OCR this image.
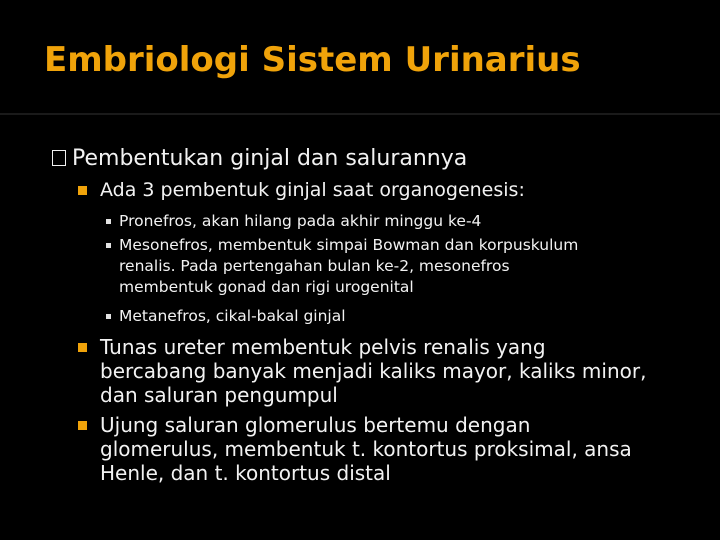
Embriologi Sistem Urinarius
Pembentukan ginjal dan salurannya
Ada 3 pembentuk ginjal saat organogenesis:
Pronefros, akan hilang pada akhir minggu ke-4
Mesonefros, membentuk simpai Bowman dan korpuskulum
renalis. Pada pertengahan bulan ke-2, mesonefros
membentuk gonad dan rigi urogenital
Metanefros, cikal-bakal ginjal
Tunas ureter membentuk pelvis renalis yang
bercabang banyak menjadi kaliks mayor, kaliks minor,
dan saluran pengumpul
Ujung saluran glomerulus bertemu dengan
glomerulus, membentuk t. kontortus proksimal, ansa
Henle, dan t. kontortus distal
